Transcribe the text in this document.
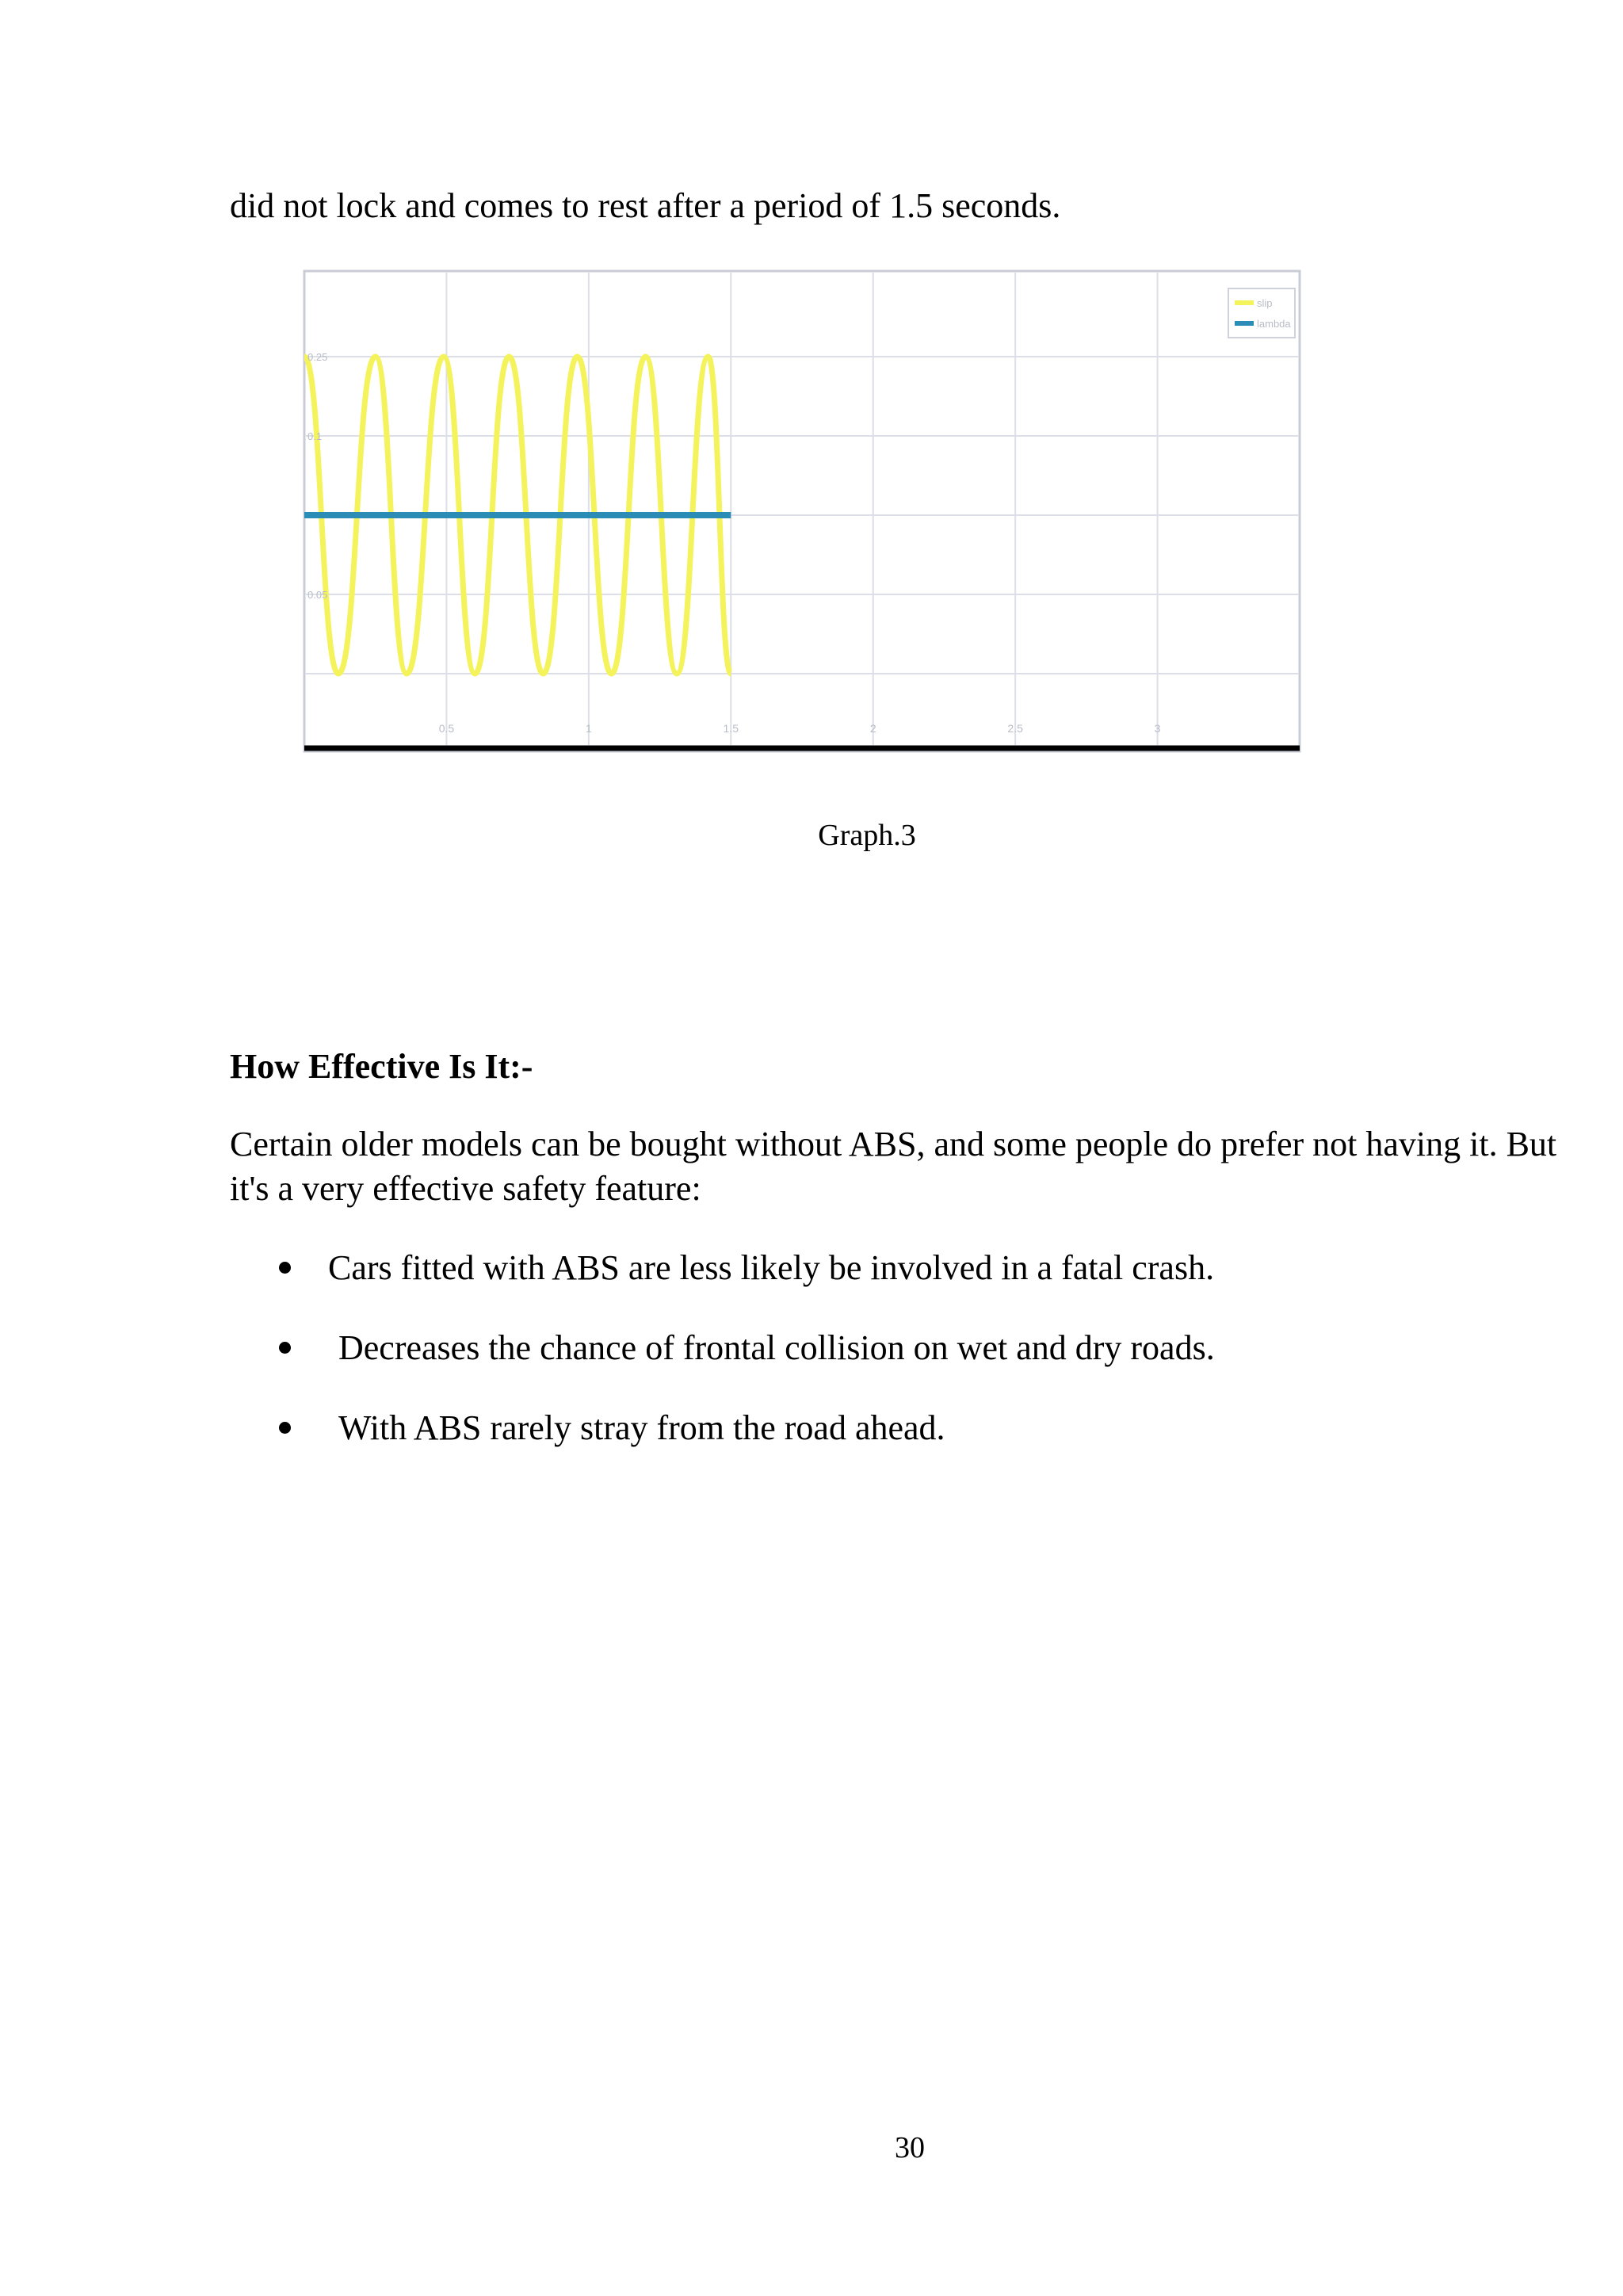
did not lock and comes to rest after a period of 1.5 seconds.
0.5	1	1.5	2	2.5	3
0.25
0.1
0.05
slip
lambda
Graph.3
How Effective Is It:-
Certain older models can be bought without ABS, and some people do prefer not having it. But it's a very effective safety feature:
Cars fitted with ABS are less likely be involved in a fatal crash.
Decreases the chance of frontal collision on wet and dry roads.
With ABS rarely stray from the road ahead.
30
